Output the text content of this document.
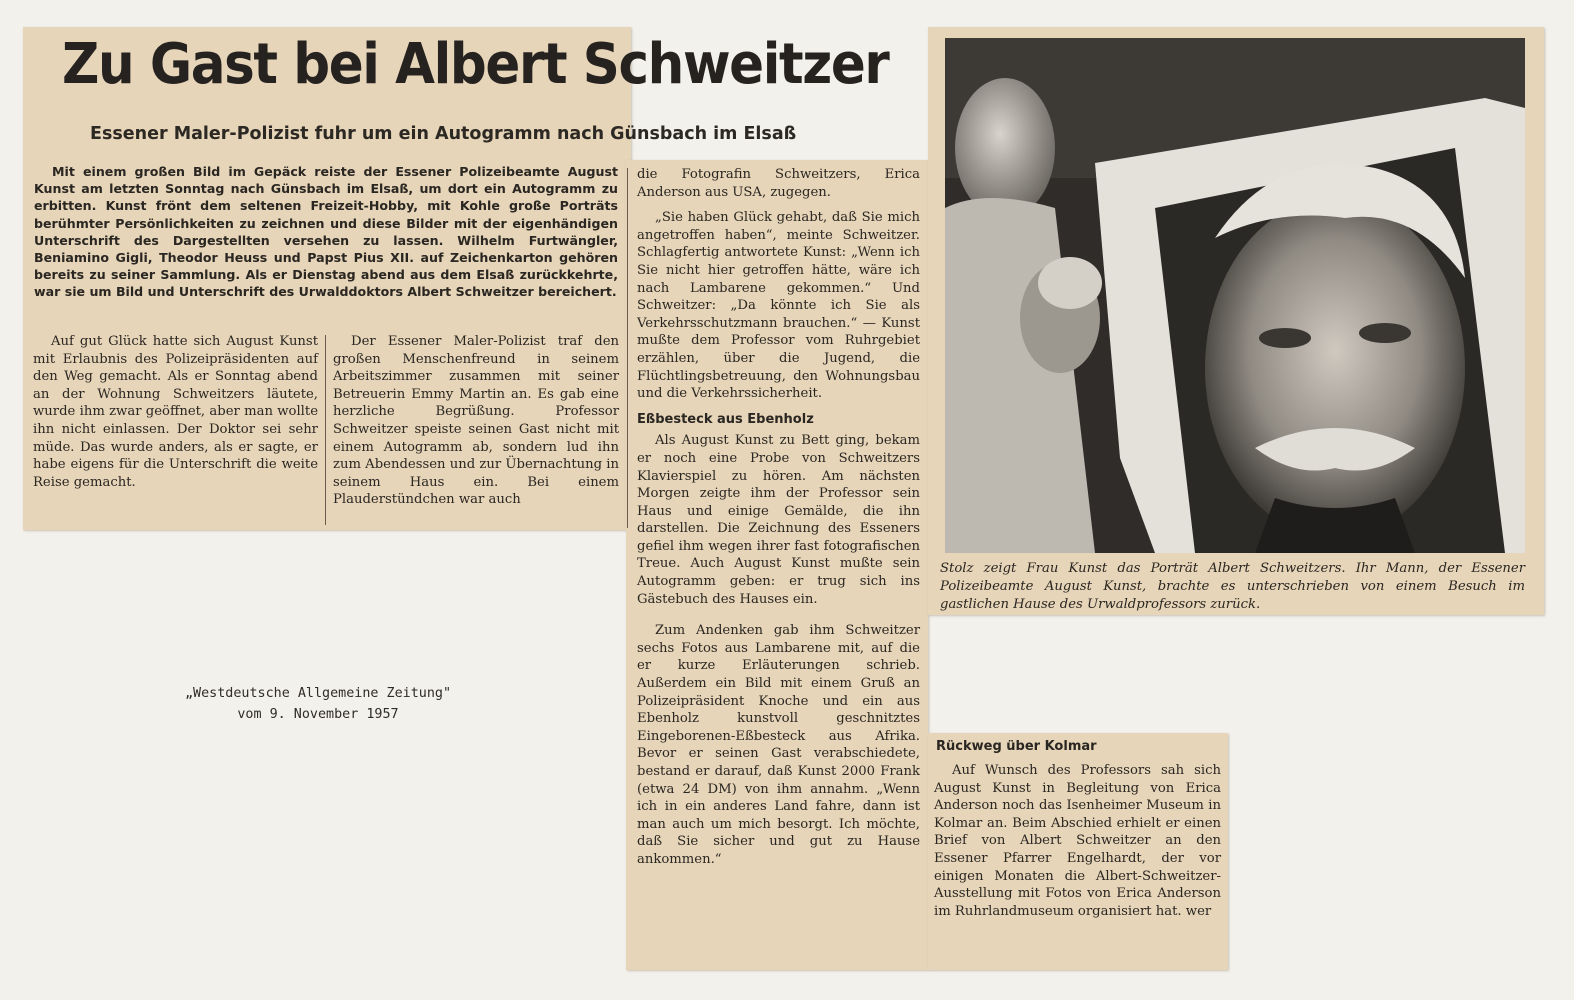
Zu Gast bei Albert Schweitzer
Essener Maler-Polizist fuhr um ein Autogramm nach Günsbach im Elsaß

Mit einem großen Bild im Gepäck reiste der Essener Polizeibeamte August Kunst am letzten Sonntag nach Günsbach im Elsaß, um dort ein Autogramm zu erbitten. Kunst frönt dem seltenen Freizeit-Hobby, mit Kohle große Porträts berühmter Persönlichkeiten zu zeichnen und diese Bilder mit der eigenhändigen Unterschrift des Dargestellten versehen zu lassen. Wilhelm Furtwängler, Beniamino Gigli, Theodor Heuss und Papst Pius XII. auf Zeichenkarton gehören bereits zu seiner Sammlung. Als er Dienstag abend aus dem Elsaß zurückkehrte, war sie um Bild und Unterschrift des Urwalddoktors Albert Schweitzer bereichert.

Auf gut Glück hatte sich August Kunst mit Erlaubnis des Polizeipräsidenten auf den Weg gemacht. Als er Sonntag abend an der Wohnung Schweitzers läutete, wurde ihm zwar geöffnet, aber man wollte ihn nicht einlassen. Der Doktor sei sehr müde. Das wurde anders, als er sagte, er habe eigens für die Unterschrift die weite Reise gemacht.

Der Essener Maler-Polizist traf den großen Menschenfreund in seinem Arbeitszimmer zusammen mit seiner Betreuerin Emmy Martin an. Es gab eine herzliche Begrüßung. Professor Schweitzer speiste seinen Gast nicht mit einem Autogramm ab, sondern lud ihn zum Abendessen und zur Übernachtung in seinem Haus ein. Bei einem Plauderstündchen war auch

die Fotografin Schweitzers, Erica Anderson aus USA, zugegen.

„Sie haben Glück gehabt, daß Sie mich angetroffen haben“, meinte Schweitzer. Schlagfertig antwortete Kunst: „Wenn ich Sie nicht hier getroffen hätte, wäre ich nach Lambarene gekommen.“ Und Schweitzer: „Da könnte ich Sie als Verkehrsschutzmann brauchen.“ — Kunst mußte dem Professor vom Ruhrgebiet erzählen, über die Jugend, die Flüchtlingsbetreuung, den Wohnungsbau und die Verkehrssicherheit.

Eßbesteck aus Ebenholz

Als August Kunst zu Bett ging, bekam er noch eine Probe von Schweitzers Klavierspiel zu hören. Am nächsten Morgen zeigte ihm der Professor sein Haus und einige Gemälde, die ihn darstellen. Die Zeichnung des Esseners gefiel ihm wegen ihrer fast fotografischen Treue. Auch August Kunst mußte sein Autogramm geben: er trug sich ins Gästebuch des Hauses ein.

Zum Andenken gab ihm Schweitzer sechs Fotos aus Lambarene mit, auf die er kurze Erläuterungen schrieb. Außerdem ein Bild mit einem Gruß an Polizeipräsident Knoche und ein aus Ebenholz kunstvoll geschnitztes Eingeborenen-Eßbesteck aus Afrika. Bevor er seinen Gast verabschiedete, bestand er darauf, daß Kunst 2000 Frank (etwa 24 DM) von ihm annahm. „Wenn ich in ein anderes Land fahre, dann ist man auch um mich besorgt. Ich möchte, daß Sie sicher und gut zu Hause ankommen.“

Rückweg über Kolmar

Auf Wunsch des Professors sah sich August Kunst in Begleitung von Erica Anderson noch das Isenheimer Museum in Kolmar an. Beim Abschied erhielt er einen Brief von Albert Schweitzer an den Essener Pfarrer Engelhardt, der vor einigen Monaten die Albert-Schweitzer-Ausstellung mit Fotos von Erica Anderson im Ruhrlandmuseum organisiert hat. wer

Stolz zeigt Frau Kunst das Porträt Albert Schweitzers. Ihr Mann, der Essener Polizeibeamte August Kunst, brachte es unterschrieben von einem Besuch im gastlichen Hause des Urwaldprofessors zurück.
„Westdeutsche Allgemeine Zeitung"
vom 9. November 1957
